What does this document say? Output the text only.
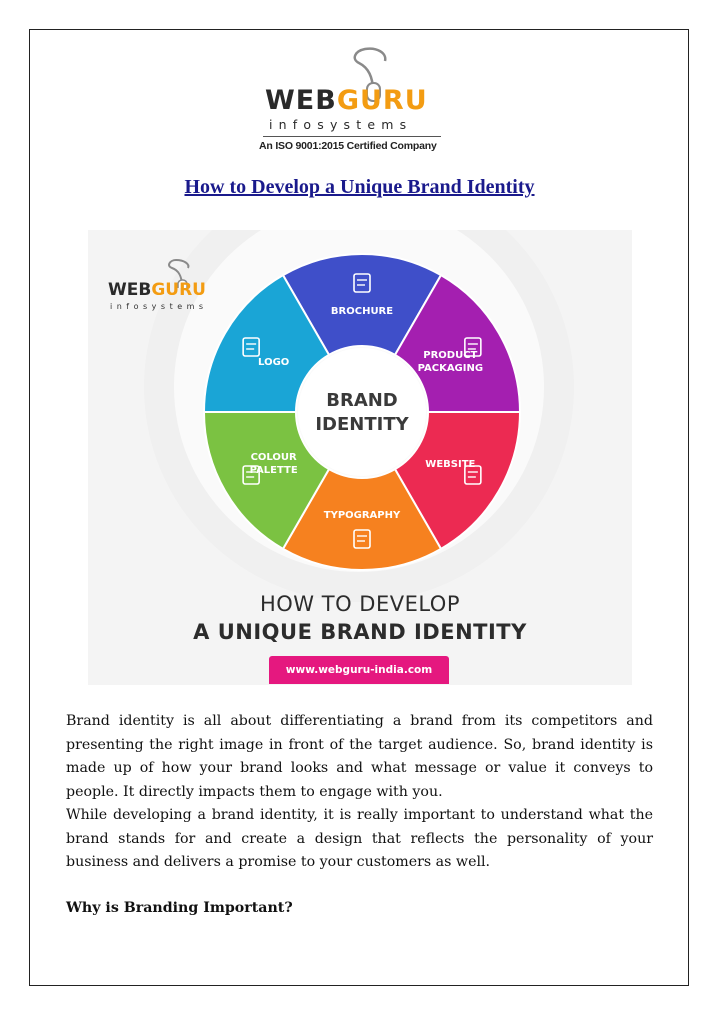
WEBGURU
infosystems
An ISO 9001:2015 Certified Company
How to Develop a Unique Brand Identity
WEBGURU
infosystems	BROCHURE
PRODUCT PACKAGING
WEBSITE
TYPOGRAPHY
COLOUR PALETTE
LOGO
BRAND IDENTITY
HOW TO DEVELOP
A UNIQUE BRAND IDENTITY
www.webguru-india.com

Brand identity is all about differentiating a brand from its competitors and presenting the right image in front of the target audience. So, brand identity is made up of how your brand looks and what message or value it conveys to people. It directly impacts them to engage with you.

While developing a brand identity, it is really important to understand what the brand stands for and create a design that reflects the personality of your business and delivers a promise to your customers as well.

Why is Branding Important?
